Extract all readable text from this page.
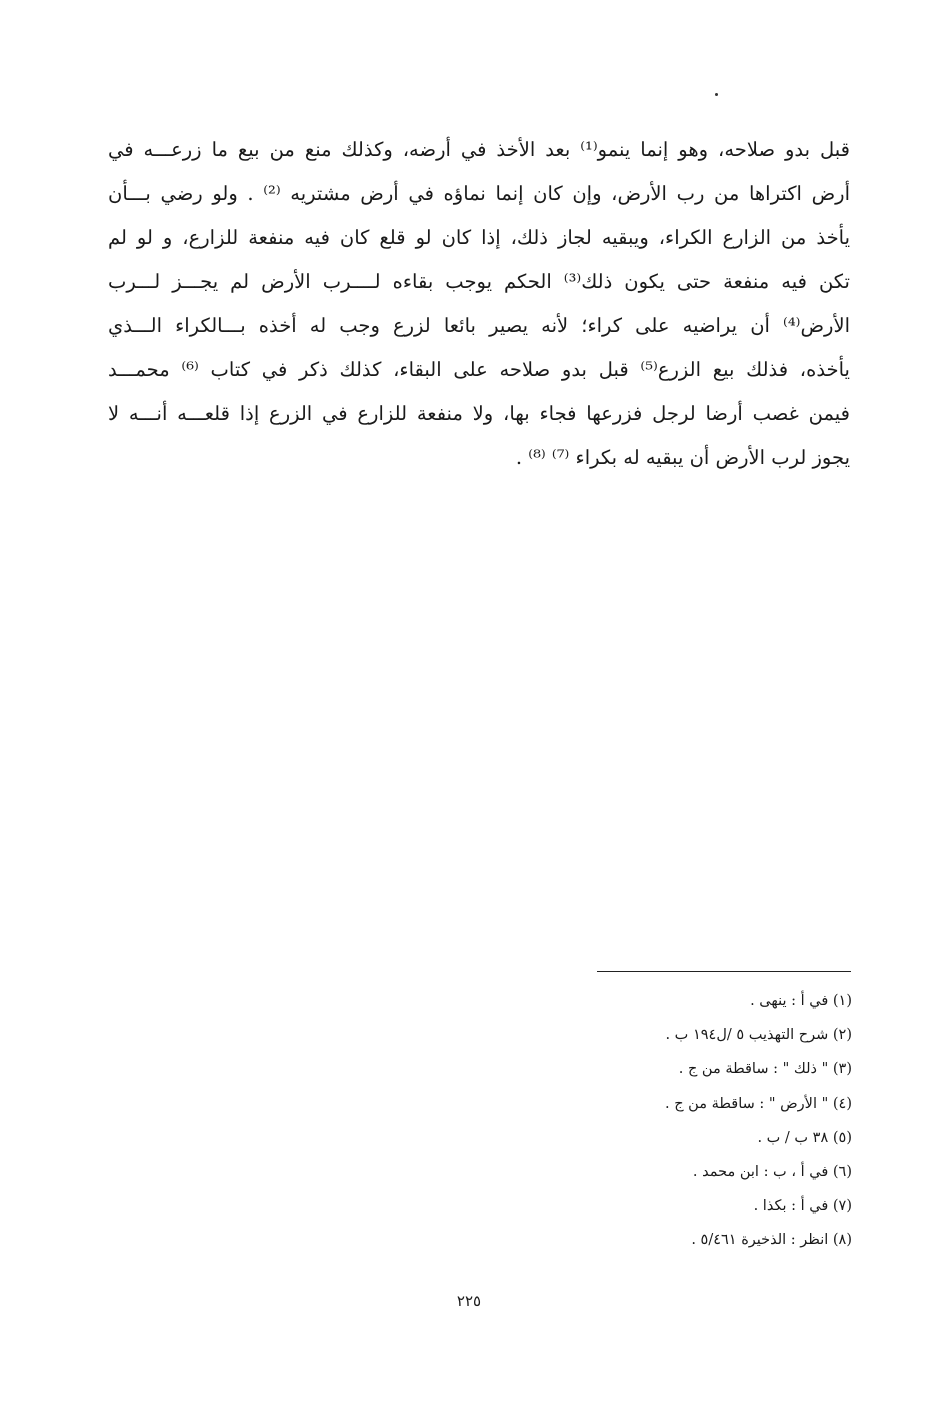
قبل بدو صلاحه، وهو إنما ينمو⁽¹⁾ بعد الأخذ في أرضه، وكذلك منع من بيع ما زرعـــه في
أرض اكتراها من رب الأرض، وإن كان إنما نماؤه في أرض مشتريه ⁽²⁾ . ولو رضي بـــأن
يأخذ من الزارع الكراء، ويبقيه لجاز ذلك، إذا كان لو قلع كان فيه منفعة للزارع، و لو لم
تكن فيه منفعة حتى يكون ذلك⁽³⁾ الحكم يوجب بقاءه لــــرب الأرض لم يجـــز لـــرب
الأرض⁽⁴⁾ أن يراضيه على كراء؛ لأنه يصير بائعا لزرع وجب له أخذه بـــالكراء الـــذي
يأخذه، فذلك بيع الزرع⁽⁵⁾ قبل بدو صلاحه على البقاء، كذلك ذكر في كتاب ⁽⁶⁾ محمـــد
فيمن غصب أرضا لرجل فزرعها فجاء بها، ولا منفعة للزارع في الزرع إذا قلعـــه أنـــه لا
يجوز لرب الأرض أن يبقيه له بكراء ⁽⁷⁾ ⁽⁸⁾ .
(١) في أ : ينهى .
(٢) شرح التهذيب ٥ /ل١٩٤ ب .
(٣) " ذلك " : ساقطة من ج .
(٤) " الأرض " : ساقطة من ج .
(٥) ٣٨ ب / ب .
(٦) في أ ، ب : ابن محمد .
(٧) في أ : بكذا .
(٨) انظر : الذخيرة ٥/٤٦١ .
٢٢٥
